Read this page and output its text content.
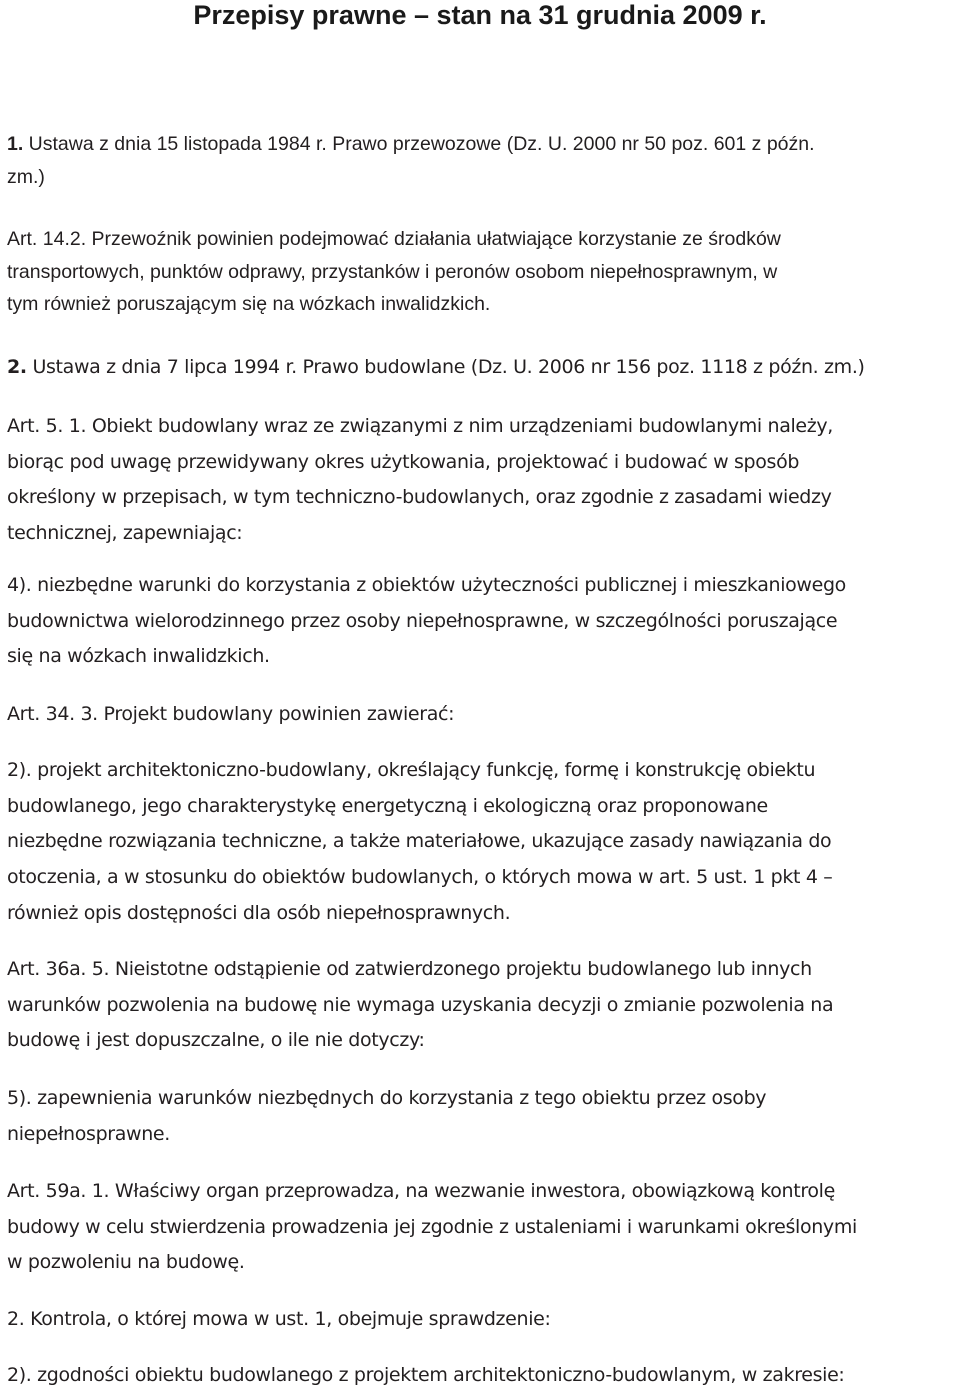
Przepisy prawne – stan na 31 grudnia 2009 r.
1. Ustawa z dnia 15 listopada 1984 r. Prawo przewozowe (Dz. U. 2000 nr 50 poz. 601 z późn.
zm.)
Art. 14.2. Przewoźnik powinien podejmować działania ułatwiające korzystanie ze środków
transportowych, punktów odprawy, przystanków i peronów osobom niepełnosprawnym, w
tym również poruszającym się na wózkach inwalidzkich.
2. Ustawa z dnia 7 lipca 1994 r. Prawo budowlane (Dz. U. 2006 nr 156 poz. 1118 z późn. zm.)
Art. 5. 1. Obiekt budowlany wraz ze związanymi z nim urządzeniami budowlanymi należy,
biorąc pod uwagę przewidywany okres użytkowania, projektować i budować w sposób
określony w przepisach, w tym techniczno-budowlanych, oraz zgodnie z zasadami wiedzy
technicznej, zapewniając:
4). niezbędne warunki do korzystania z obiektów użyteczności publicznej i mieszkaniowego
budownictwa wielorodzinnego przez osoby niepełnosprawne, w szczególności poruszające
się na wózkach inwalidzkich.
Art. 34. 3. Projekt budowlany powinien zawierać:
2). projekt architektoniczno-budowlany, określający funkcję, formę i konstrukcję obiektu
budowlanego, jego charakterystykę energetyczną i ekologiczną oraz proponowane
niezbędne rozwiązania techniczne, a także materiałowe, ukazujące zasady nawiązania do
otoczenia, a w stosunku do obiektów budowlanych, o których mowa w art. 5 ust. 1 pkt 4 –
również opis dostępności dla osób niepełnosprawnych.
Art. 36a. 5. Nieistotne odstąpienie od zatwierdzonego projektu budowlanego lub innych
warunków pozwolenia na budowę nie wymaga uzyskania decyzji o zmianie pozwolenia na
budowę i jest dopuszczalne, o ile nie dotyczy:
5). zapewnienia warunków niezbędnych do korzystania z tego obiektu przez osoby
niepełnosprawne.
Art. 59a. 1. Właściwy organ przeprowadza, na wezwanie inwestora, obowiązkową kontrolę
budowy w celu stwierdzenia prowadzenia jej zgodnie z ustaleniami i warunkami określonymi
w pozwoleniu na budowę.
2. Kontrola, o której mowa w ust. 1, obejmuje sprawdzenie:
2). zgodności obiektu budowlanego z projektem architektoniczno-budowlanym, w zakresie:
